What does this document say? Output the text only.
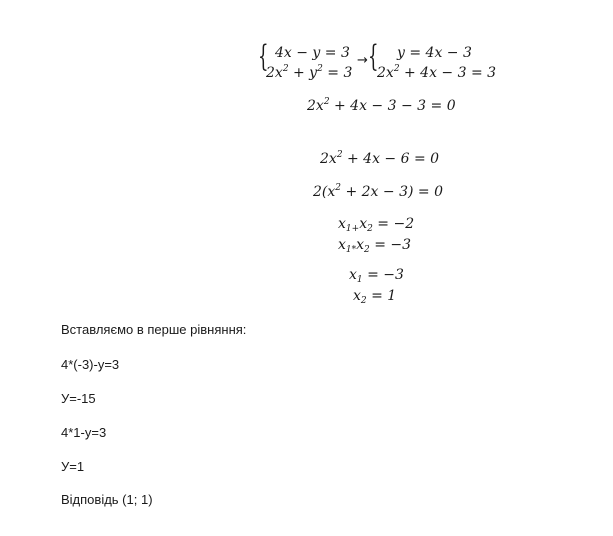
{ 4x − y = 3
$2x^2 + y^2 = 3$
→ { y = 4x − 3
$2x^2 + 4x - 3 = 3$
$2x^2 + 4x - 3 - 3 = 0$
$2x^2 + 4x - 6 = 0$
$2(x^2 + 2x - 3) = 0$
$x_{1+}x_2 = -2$
$x_{1*}x_2 = -3$
$x_1 = -3$
$x_2 = 1$
Вставляємо в перше рівняння:
4*(-3)-y=3
У=-15
4*1-y=3
У=1
Відповідь (1; 1)
